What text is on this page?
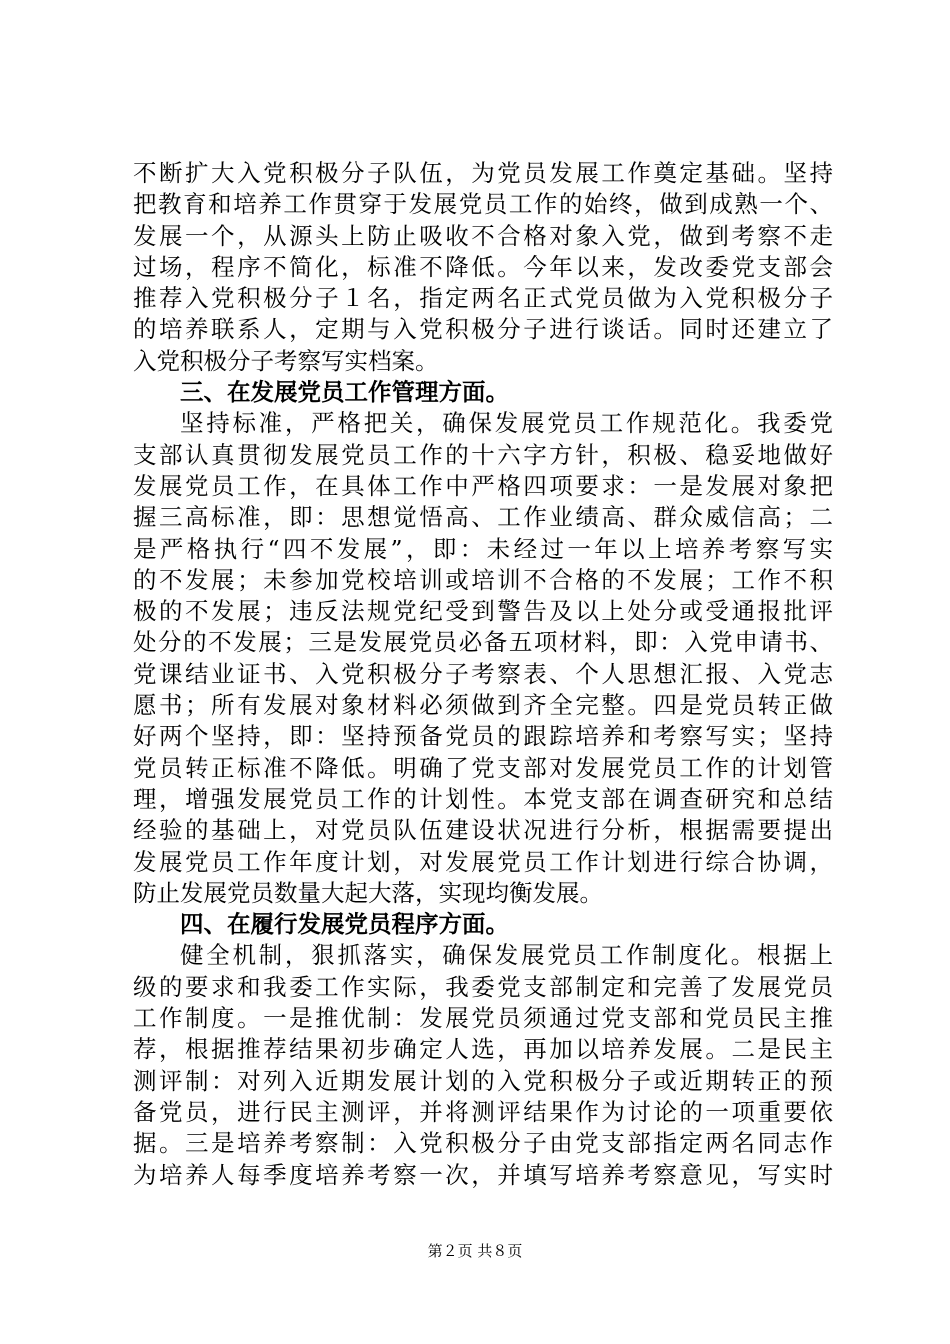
不断扩大入党积极分子队伍，为党员发展工作奠定基础。坚持
把教育和培养工作贯穿于发展党员工作的始终，做到成熟一个、
发展一个，从源头上防止吸收不合格对象入党，做到考察不走
过场，程序不简化，标准不降低。今年以来，发改委党支部会
推荐入党积极分子１名，指定两名正式党员做为入党积极分子
的培养联系人，定期与入党积极分子进行谈话。同时还建立了
入党积极分子考察写实档案。
三、在发展党员工作管理方面。
坚持标准，严格把关，确保发展党员工作规范化。我委党
支部认真贯彻发展党员工作的十六字方针，积极、稳妥地做好
发展党员工作，在具体工作中严格四项要求：一是发展对象把
握三高标准，即：思想觉悟高、工作业绩高、群众威信高；二
是严格执行“四不发展”，即：未经过一年以上培养考察写实
的不发展；未参加党校培训或培训不合格的不发展；工作不积
极的不发展；违反法规党纪受到警告及以上处分或受通报批评
处分的不发展；三是发展党员必备五项材料，即：入党申请书、
党课结业证书、入党积极分子考察表、个人思想汇报、入党志
愿书；所有发展对象材料必须做到齐全完整。四是党员转正做
好两个坚持，即：坚持预备党员的跟踪培养和考察写实；坚持
党员转正标准不降低。明确了党支部对发展党员工作的计划管
理，增强发展党员工作的计划性。本党支部在调查研究和总结
经验的基础上，对党员队伍建设状况进行分析，根据需要提出
发展党员工作年度计划，对发展党员工作计划进行综合协调，
防止发展党员数量大起大落，实现均衡发展。
四、在履行发展党员程序方面。
健全机制，狠抓落实，确保发展党员工作制度化。根据上
级的要求和我委工作实际，我委党支部制定和完善了发展党员
工作制度。一是推优制：发展党员须通过党支部和党员民主推
荐，根据推荐结果初步确定人选，再加以培养发展。二是民主
测评制：对列入近期发展计划的入党积极分子或近期转正的预
备党员，进行民主测评，并将测评结果作为讨论的一项重要依
据。三是培养考察制：入党积极分子由党支部指定两名同志作
为培养人每季度培养考察一次，并填写培养考察意见，写实时
第２页 共８页
